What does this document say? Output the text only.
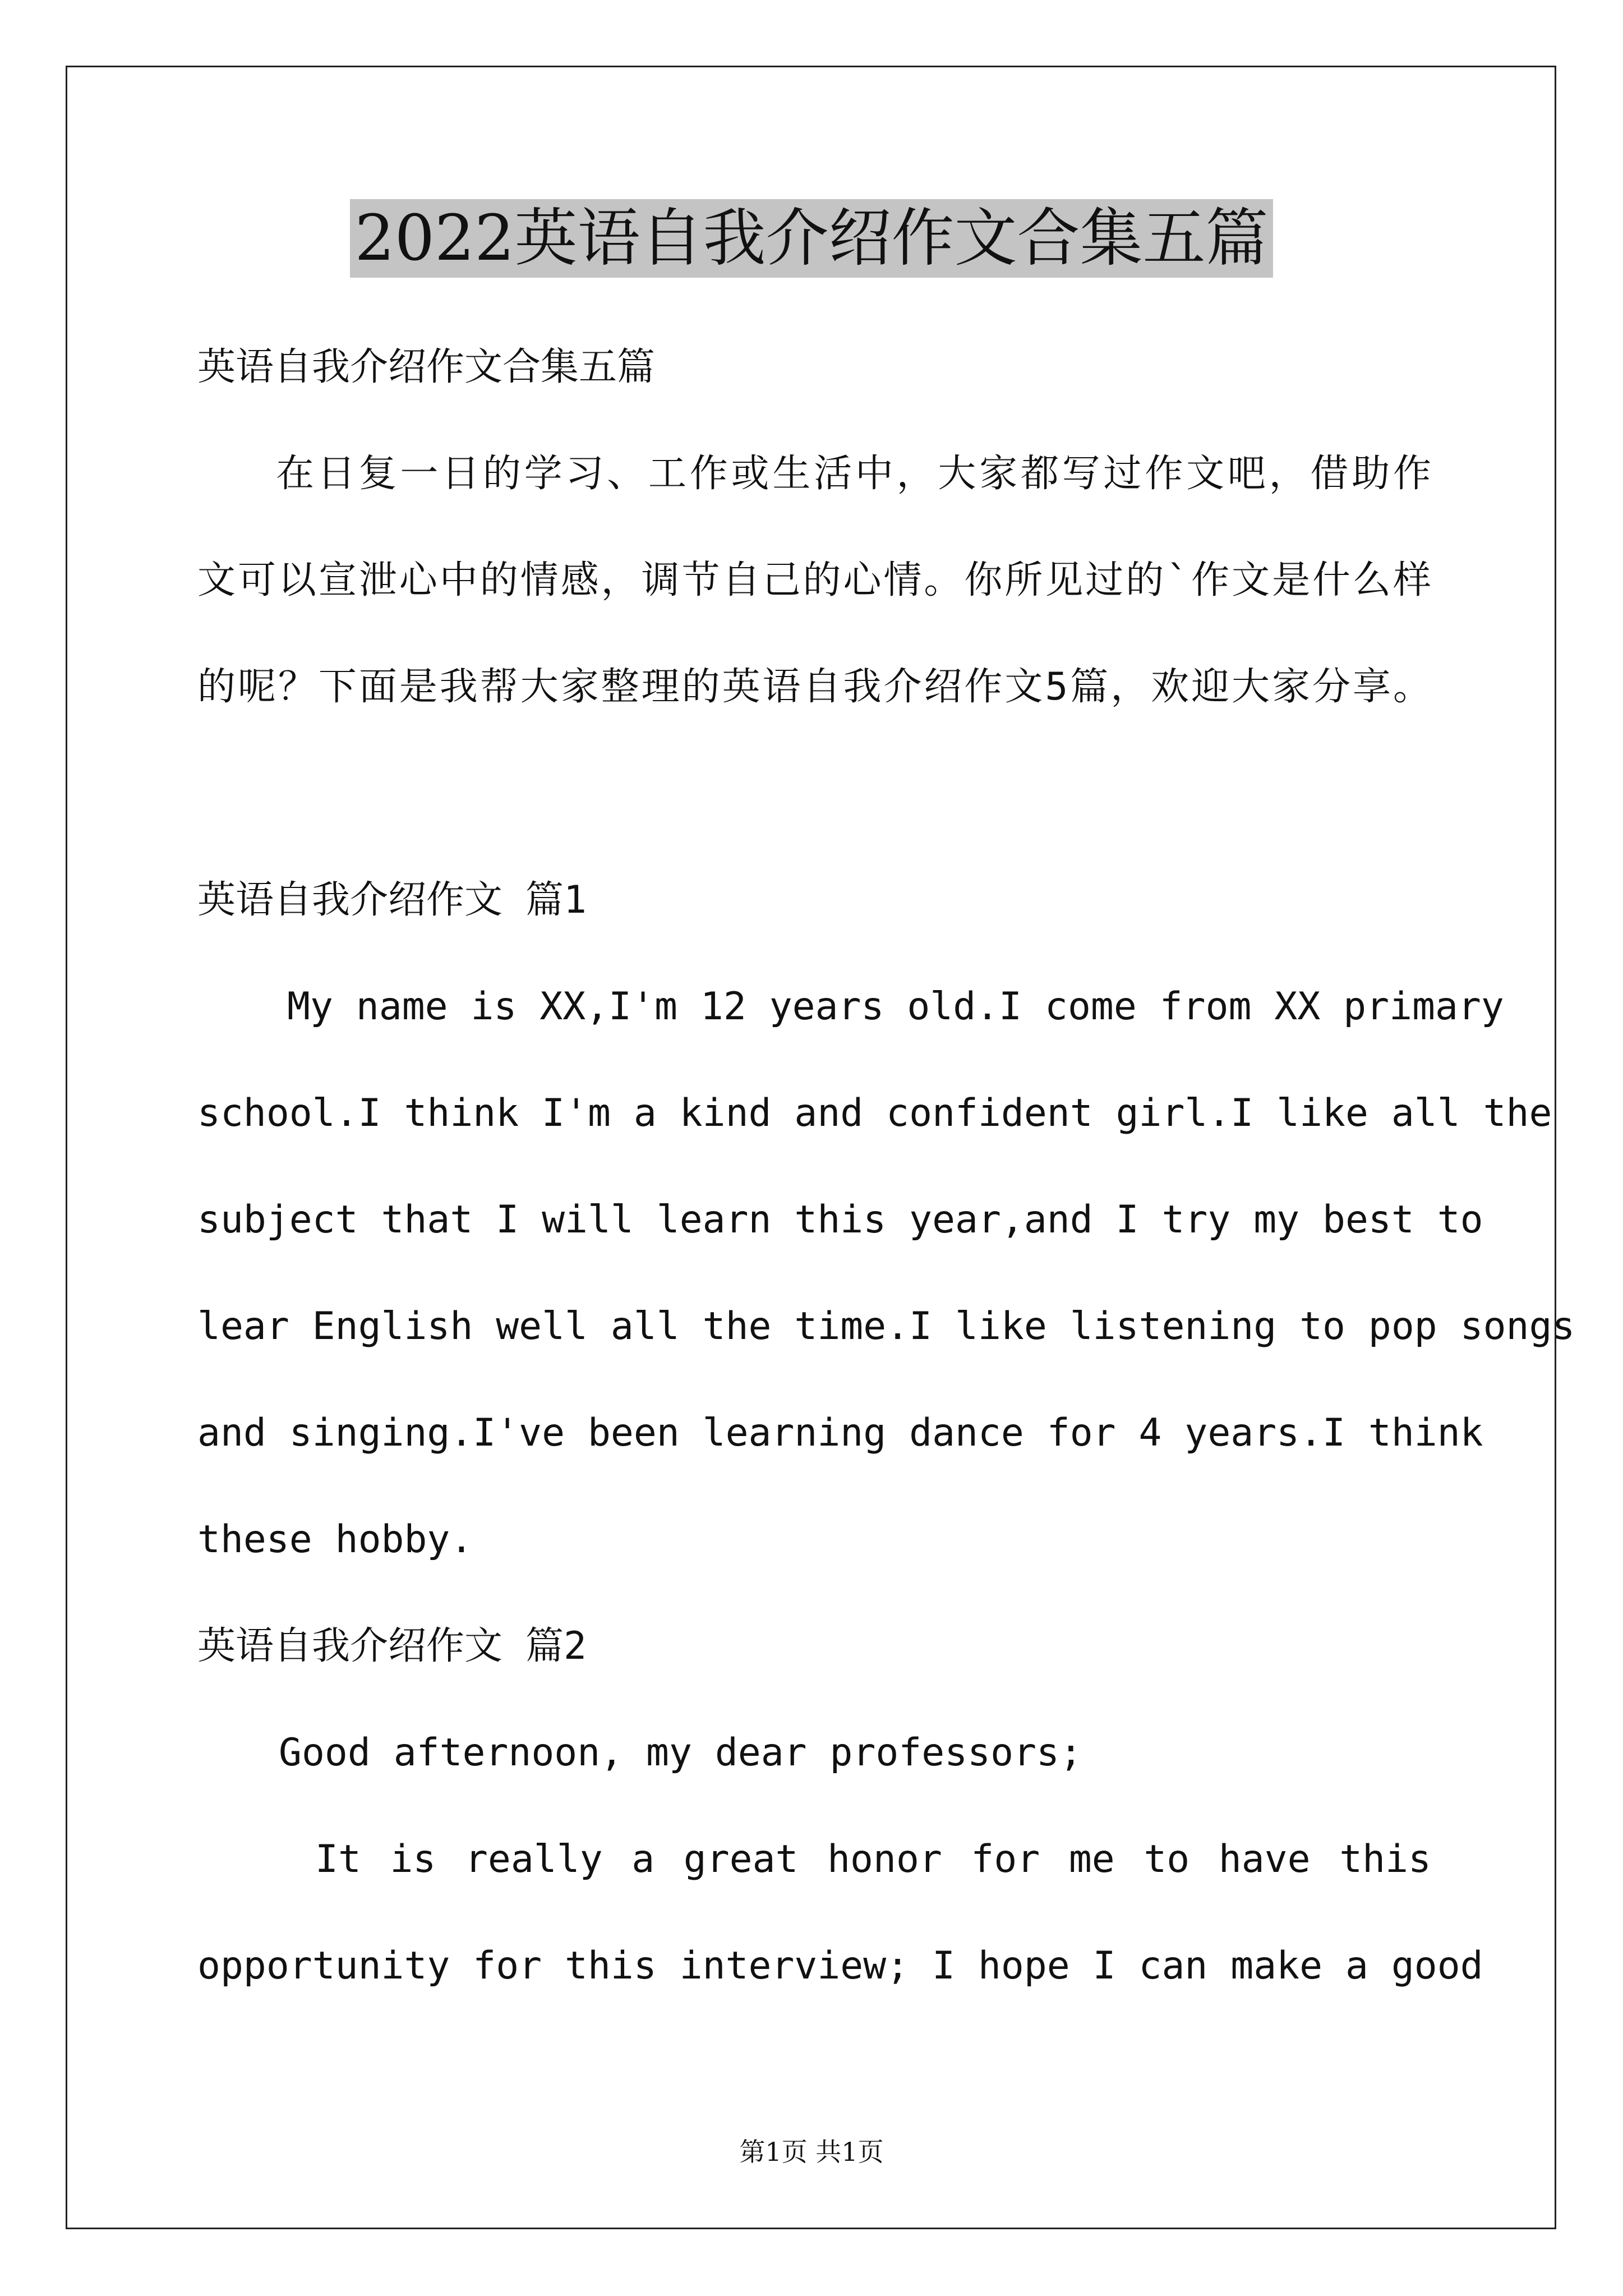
2022英语自我介绍作文合集五篇
英语自我介绍作文合集五篇
在日复一日的学习、工作或生活中，大家都写过作文吧，借助作
文可以宣泄心中的情感，调节自己的心情。你所见过的`作文是什么样
的呢？下面是我帮大家整理的英语自我介绍作文5篇，欢迎大家分享。
英语自我介绍作文 篇1
My name is XX,I'm 12 years old.I come from XX primary
school.I think I'm a kind and confident girl.I like all the
subject that I will learn this year,and I try my best to
lear English well all the time.I like listening to pop songs
and singing.I've been learning dance for 4 years.I think
these hobby.
英语自我介绍作文 篇2
Good afternoon, my dear professors;
It is really a great honor for me to have this
opportunity for this interview; I hope I can make a good
第1页 共1页
